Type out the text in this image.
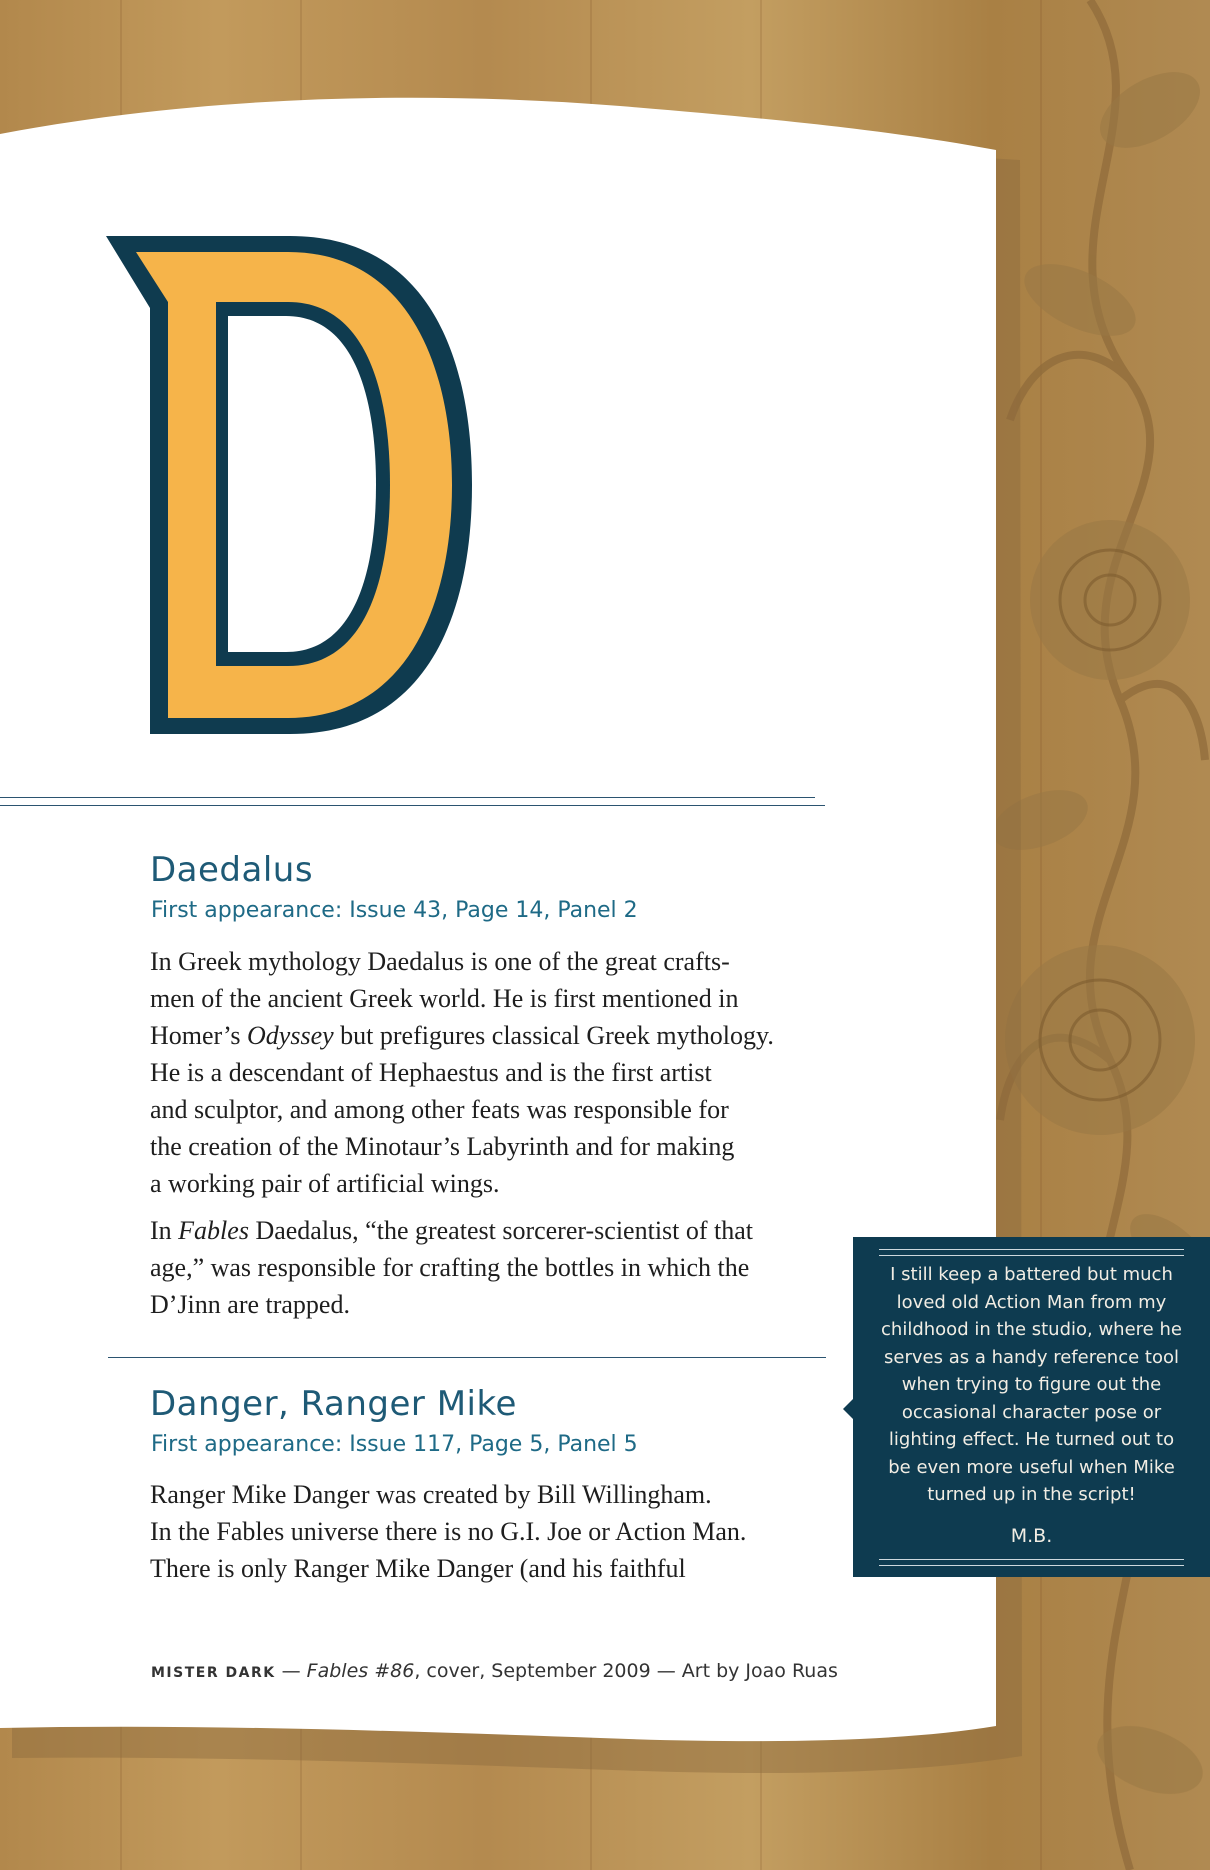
D
Daedalus
First appearance: Issue 43, Page 14, Panel 2

In Greek mythology Daedalus is one of the great crafts-
men of the ancient Greek world. He is first mentioned in
Homer’s Odyssey but prefigures classical Greek mythology.
He is a descendant of Hephaestus and is the first artist
and sculptor, and among other feats was responsible for
the creation of the Minotaur’s Labyrinth and for making
a working pair of artificial wings.

In Fables Daedalus, “the greatest sorcerer-scientist of that
age,” was responsible for crafting the bottles in which the
D’Jinn are trapped.

Danger, Ranger Mike
First appearance: Issue 117, Page 5, Panel 5

Ranger Mike Danger was created by Bill Willingham.
In the Fables universe there is no G.I. Joe or Action Man.
There is only Ranger Mike Danger (and his faithful

I still keep a battered but much
loved old Action Man from my
childhood in the studio, where he
serves as a handy reference tool
when trying to figure out the
occasional character pose or
lighting effect. He turned out to
be even more useful when Mike
turned up in the script!
M.B.
MISTER DARK — Fables #86, cover, September 2009 — Art by Joao Ruas
